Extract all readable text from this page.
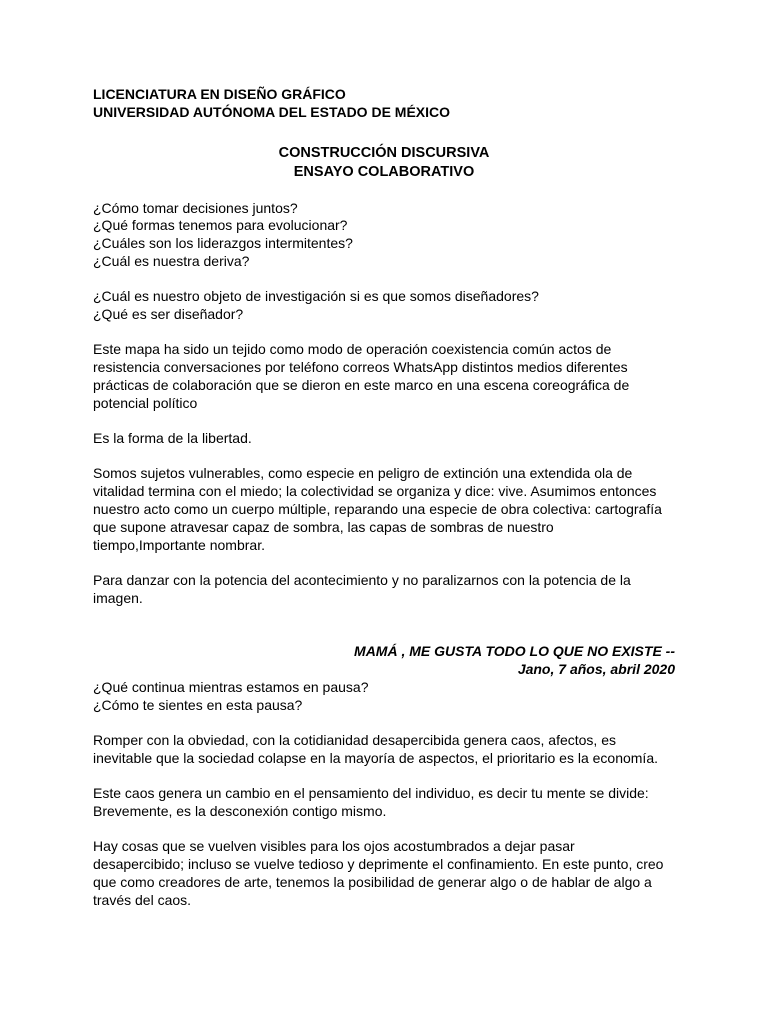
LICENCIATURA EN DISEÑO GRÁFICO
UNIVERSIDAD AUTÓNOMA DEL ESTADO DE MÉXICO
CONSTRUCCIÓN DISCURSIVA
ENSAYO COLABORATIVO

¿Cómo tomar decisiones juntos?
¿Qué formas tenemos para evolucionar?
¿Cuáles son los liderazgos intermitentes?
¿Cuál es nuestra deriva?

¿Cuál es nuestro objeto de investigación si es que somos diseñadores?
¿Qué es ser diseñador?

Este mapa ha sido un tejido como modo de operación coexistencia común actos de
resistencia conversaciones por teléfono correos WhatsApp distintos medios diferentes
prácticas de colaboración que se dieron en este marco en una escena coreográfica de
potencial político

Es la forma de la libertad.

Somos sujetos vulnerables, como especie en peligro de extinción una extendida ola de
vitalidad termina con el miedo; la colectividad se organiza y dice: vive. Asumimos entonces
nuestro acto como un cuerpo múltiple, reparando una especie de obra colectiva: cartografía
que supone atravesar capaz de sombra, las capas de sombras de nuestro
tiempo,Importante nombrar.

Para danzar con la potencia del acontecimiento y no paralizarnos con la potencia de la
imagen.

MAMÁ , ME GUSTA TODO LO QUE NO EXISTE --
Jano, 7 años, abril 2020

¿Qué continua mientras estamos en pausa?
¿Cómo te sientes en esta pausa?

Romper con la obviedad, con la cotidianidad desapercibida genera caos, afectos, es
inevitable que la sociedad colapse en la mayoría de aspectos, el prioritario es la economía.

Este caos genera un cambio en el pensamiento del individuo, es decir tu mente se divide:
Brevemente, es la desconexión contigo mismo.

Hay cosas que se vuelven visibles para los ojos acostumbrados a dejar pasar
desapercibido; incluso se vuelve tedioso y deprimente el confinamiento. En este punto, creo
que como creadores de arte, tenemos la posibilidad de generar algo o de hablar de algo a
través del caos.
